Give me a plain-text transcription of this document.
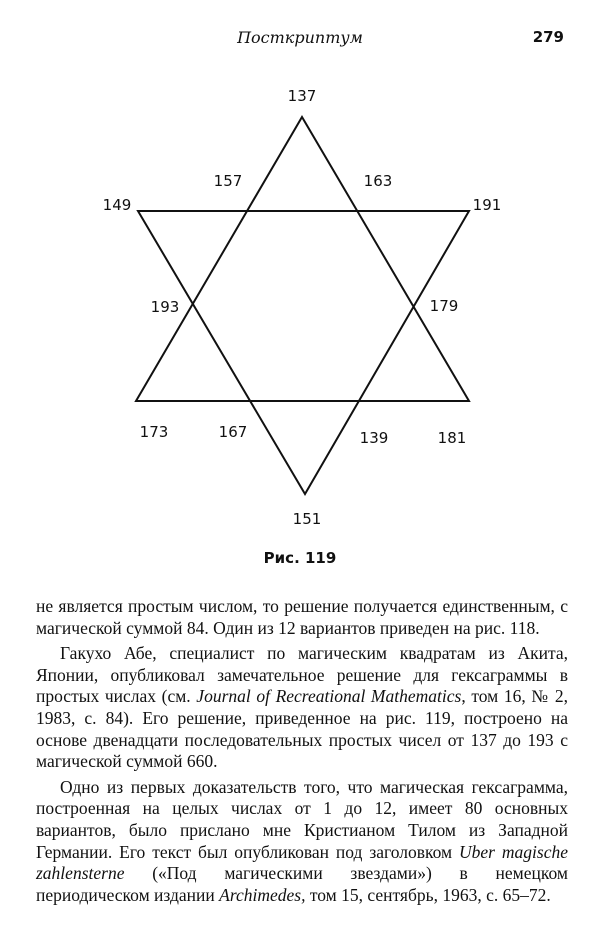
Посткриптум	279
137
149
157	163
191
193	179
173	167	139	181
151
Рис. 119

не является простым числом, то решение получается единственным, с магической суммой 84. Один из 12 вариантов приведен на рис. 118.

Гакухо Абе, специалист по магическим квадратам из Акита, Японии, опубликовал замечательное решение для гексаграммы в простых числах (см. Journal of Recreational Mathematics, том 16, № 2, 1983, с. 84). Его решение, приведенное на рис. 119, построено на основе двенадцати последовательных простых чисел от 137 до 193 с магической суммой 660.

Одно из первых доказательств того, что магическая гексаграмма, построенная на целых числах от 1 до 12, имеет 80 основных вариантов, было прислано мне Кристианом Тилом из Западной Германии. Его текст был опубликован под заголовком Uber magische zahlensterne («Под магическими звездами») в немецком периодическом издании Archimedes, том 15, сентябрь, 1963, с. 65–72.
